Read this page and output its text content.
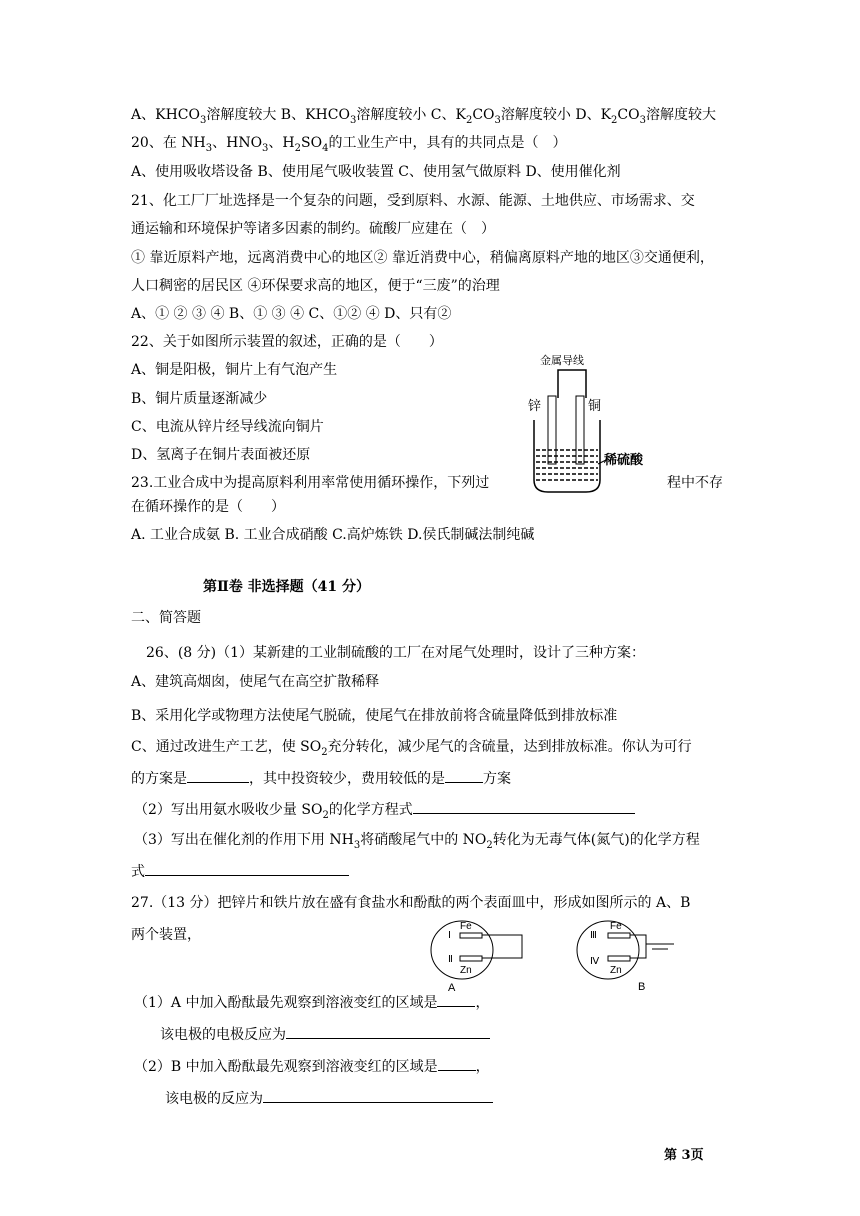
A、$KHCO_3$溶解度较大 B、$KHCO_3$溶解度较小 C、$K_2CO_3$溶解度较小 D、$K_2CO_3$溶解度较大
20、在 $NH_3$、$HNO_3$、$H_2SO_4$的工业生产中，具有的共同点是（　）
A、使用吸收塔设备 B、使用尾气吸收装置 C、使用氢气做原料 D、使用催化剂
21、化工厂厂址选择是一个复杂的问题，受到原料、水源、能源、土地供应、市场需求、交
通运输和环境保护等诸多因素的制约。硫酸厂应建在（　）
① 靠近原料产地，远离消费中心的地区② 靠近消费中心，稍偏离原料产地的地区③交通便利，
人口稠密的居民区 ④环保要求高的地区，便于“三废”的治理
A、① ② ③ ④ B、① ③ ④ C、①② ④ D、只有②
22、关于如图所示装置的叙述，正确的是（　　）
A、铜是阳极，铜片上有气泡产生
B、铜片质量逐渐减少
C、电流从锌片经导线流向铜片
D、氢离子在铜片表面被还原
金属导线
锌	铜
稀硫酸
23.工业合成中为提高原料利用率常使用循环操作，下列过	程中不存
在循环操作的是（　　）
A. 工业合成氨 B. 工业合成硝酸 C.高炉炼铁 D.侯氏制碱法制纯碱
第Ⅱ卷 非选择题（41 分）
二、简答题
26、(8 分)（1）某新建的工业制硫酸的工厂在对尾气处理时，设计了三种方案：
A、建筑高烟囱，使尾气在高空扩散稀释
B、采用化学或物理方法使尾气脱硫，使尾气在排放前将含硫量降低到排放标准
C、通过改进生产工艺，使 $SO_2$充分转化，减少尾气的含硫量，达到排放标准。你认为可行
的方案是	，其中投资较少，费用较低的是	方案
（2）写出用氨水吸收少量 $SO_2$的化学方程式
（3）写出在催化剂的作用下用 $NH_3$将硝酸尾气中的 $NO_2$转化为无毒气体(氮气)的化学方程
式
27.（13 分）把锌片和铁片放在盛有食盐水和酚酞的两个表面皿中，形成如图所示的 A、B
两个装置，	Ⅰ
Fe
Ⅱ
Zn
A
Ⅲ
Fe
Ⅳ
Zn
B
（1）A 中加入酚酞最先观察到溶液变红的区域是	，
该电极的电极反应为
（2）B 中加入酚酞最先观察到溶液变红的区域是	，
该电极的反应为
第 3页
